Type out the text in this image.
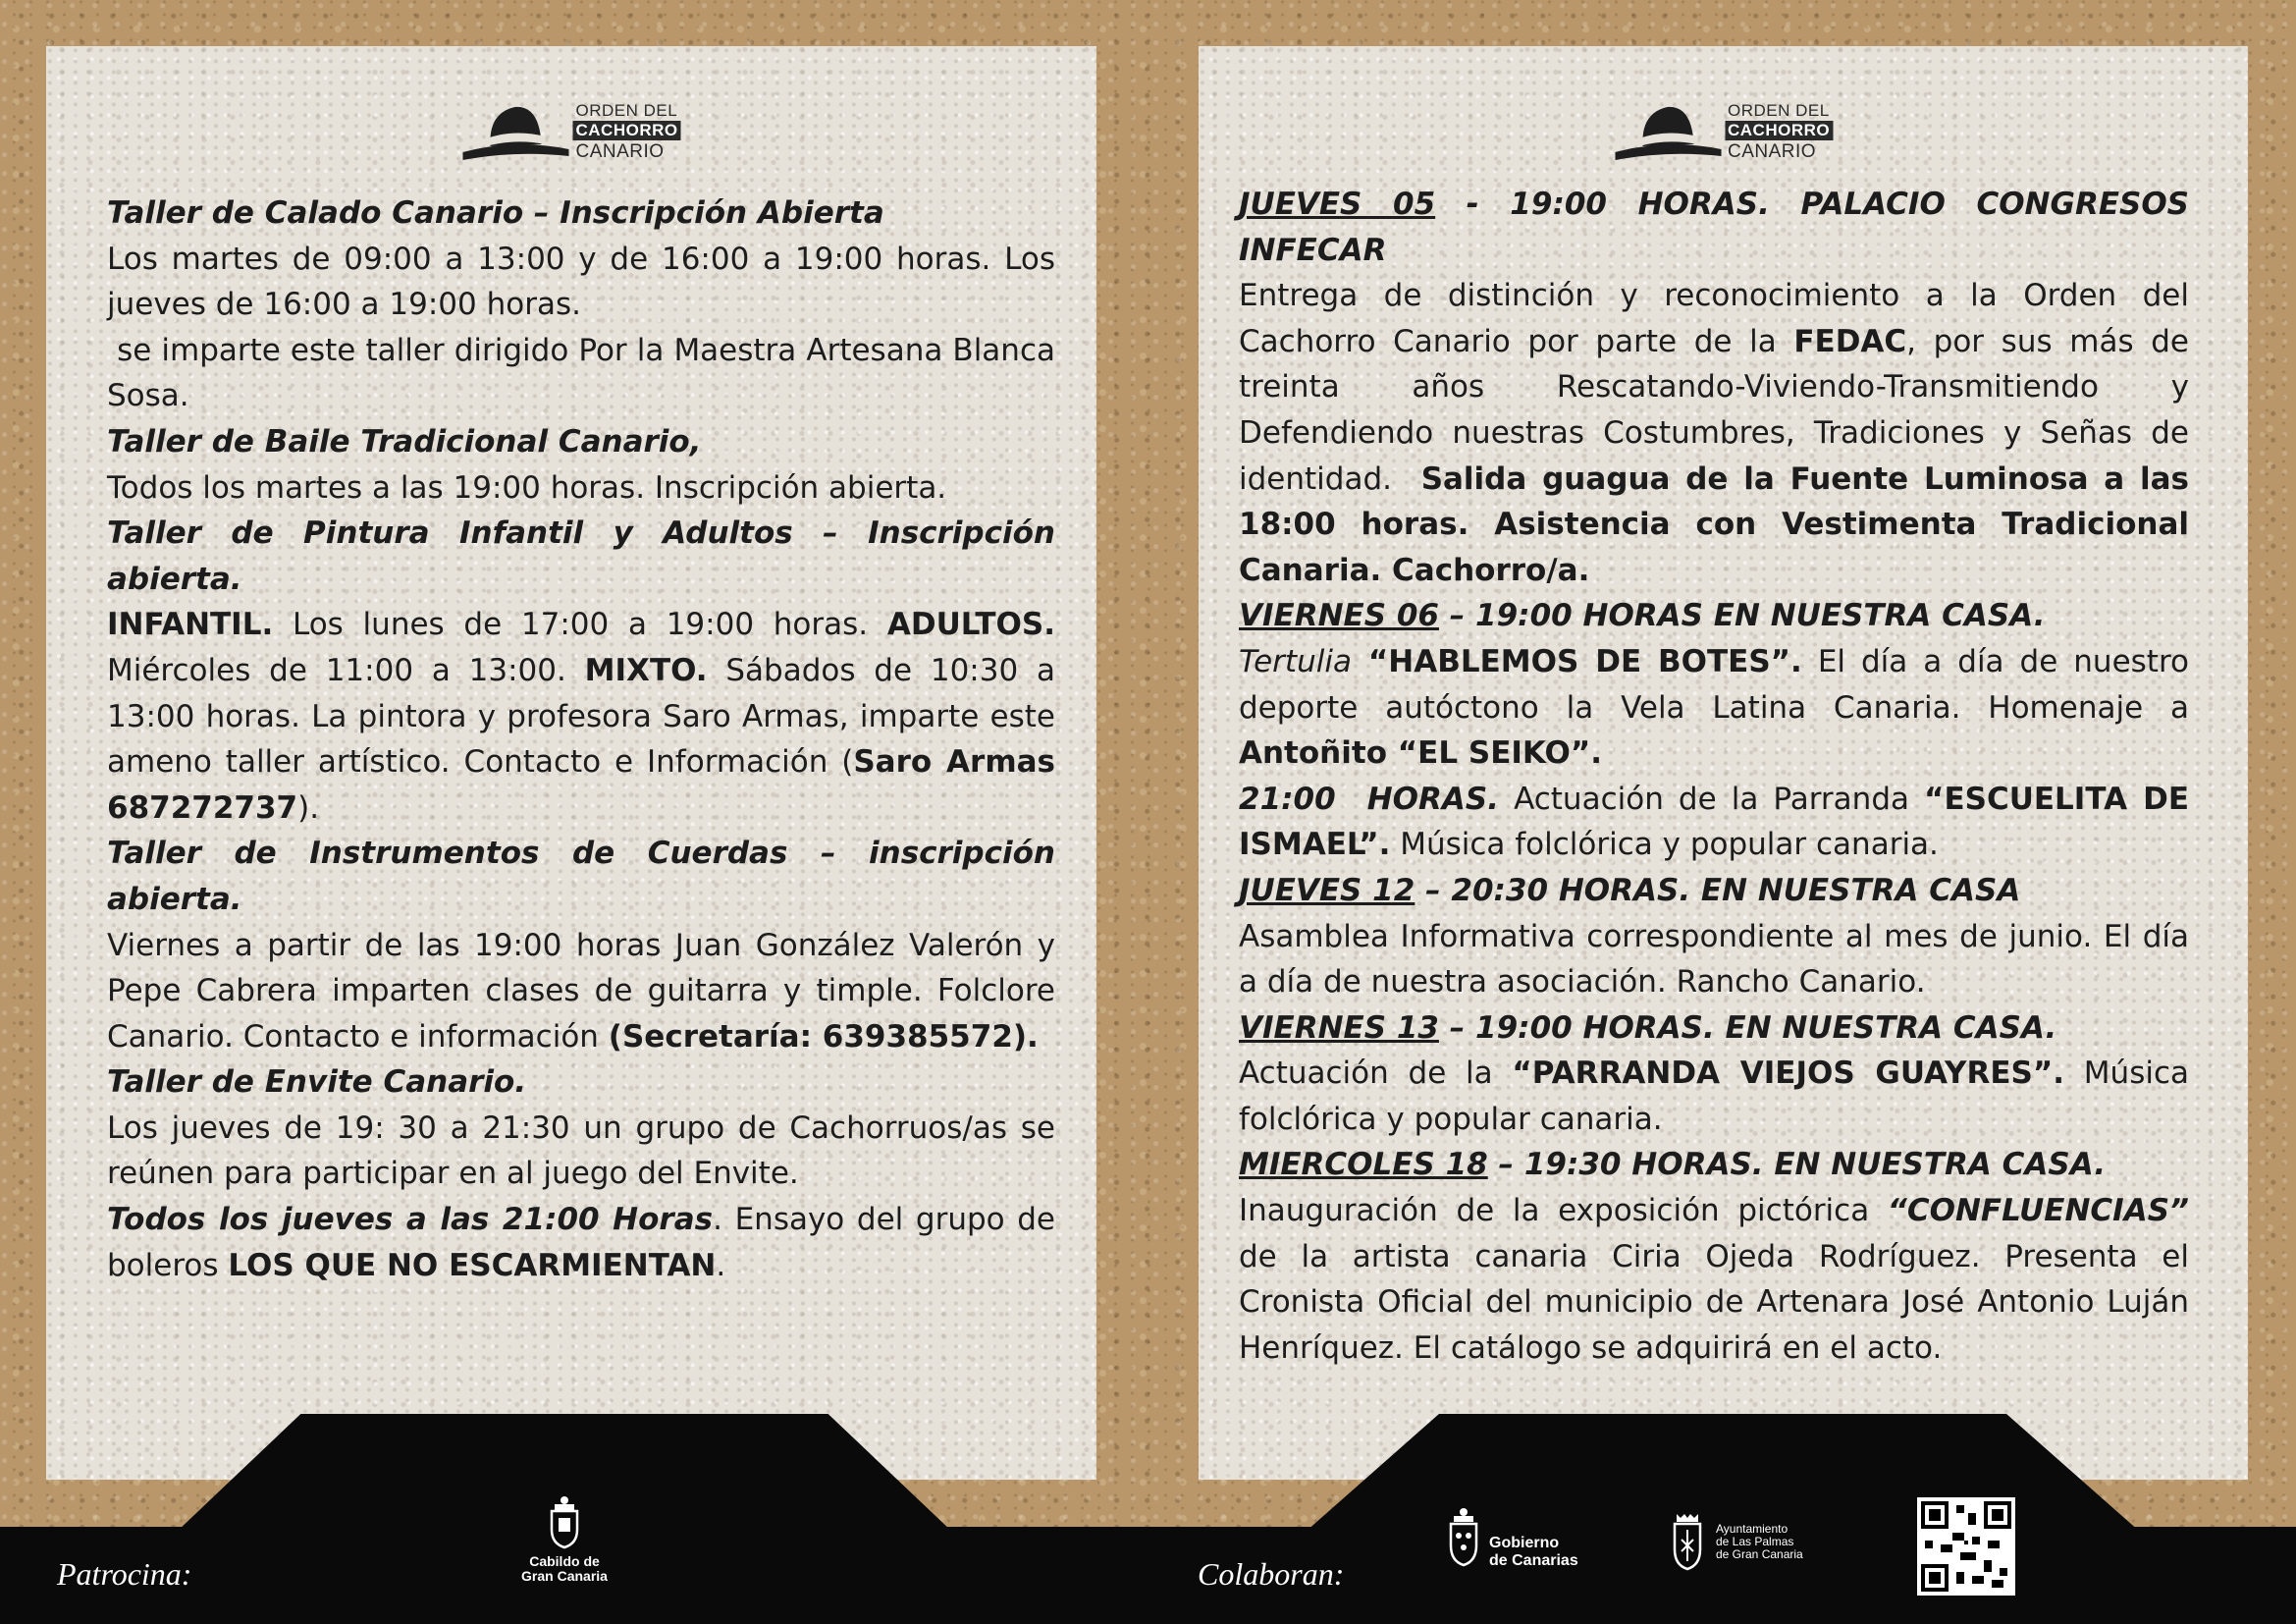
ORDEN DEL
CACHORRO
CANARIO

Taller de Calado Canario – Inscripción Abierta

Los martes de 09:00 a 13:00 y de 16:00 a 19:00 horas. Los jueves de 16:00 a 19:00 horas.

se imparte este taller dirigido Por la Maestra Artesana Blanca Sosa.

Taller de Baile Tradicional Canario,

Todos los martes a las 19:00 horas. Inscripción abierta.

Taller de Pintura Infantil y Adultos – Inscripción abierta.

INFANTIL. Los lunes de 17:00 a 19:00 horas. ADULTOS. Miércoles de 11:00 a 13:00. MIXTO. Sábados de 10:30 a 13:00 horas. La pintora y profesora Saro Armas, imparte este ameno taller artístico. Contacto e Información (Saro Armas 687272737).

Taller de Instrumentos de Cuerdas – inscripción abierta.

Viernes a partir de las 19:00 horas Juan González Valerón y Pepe Cabrera imparten clases de guitarra y timple. Folclore Canario. Contacto e información (Secretaría: 639385572).

Taller de Envite Canario.

Los jueves de 19: 30 a 21:30 un grupo de Cachorruos/as se reúnen para participar en al juego del Envite.

Todos los jueves a las 21:00 Horas. Ensayo del grupo de boleros LOS QUE NO ESCARMIENTAN.

ORDEN DEL
CACHORRO
CANARIO

JUEVES 05 - 19:00 HORAS. PALACIO CONGRESOS INFECAR

Entrega de distinción y reconocimiento a la Orden del Cachorro Canario por parte de la FEDAC, por sus más de treinta años Rescatando-Viviendo-Transmitiendo y Defendiendo nuestras Costumbres, Tradiciones y Señas de identidad.  Salida guagua de la Fuente Luminosa a las 18:00 horas. Asistencia con Vestimenta Tradicional Canaria. Cachorro/a.

VIERNES 06 – 19:00 HORAS EN NUESTRA CASA.

Tertulia “HABLEMOS DE BOTES”. El día a día de nuestro deporte autóctono la Vela Latina Canaria. Homenaje a Antoñito “EL SEIKO”.

21:00  HORAS. Actuación de la Parranda “ESCUELITA DE ISMAEL”. Música folclórica y popular canaria.

JUEVES 12 – 20:30 HORAS. EN NUESTRA CASA

Asamblea Informativa correspondiente al mes de junio. El día a día de nuestra asociación. Rancho Canario.

VIERNES 13 – 19:00 HORAS. EN NUESTRA CASA.

Actuación de la “PARRANDA VIEJOS GUAYRES”. Música folclórica y popular canaria.

MIERCOLES 18 – 19:30 HORAS. EN NUESTRA CASA.

Inauguración de la exposición pictórica “CONFLUENCIAS” de la artista canaria Ciria Ojeda Rodríguez. Presenta el Cronista Oficial del municipio de Artenara José Antonio Luján Henríquez. El catálogo se adquirirá en el acto.

Patrocina:	Colaboran:
Cabildo de
Gran Canaria
Gobierno
de Canarias
Ayuntamiento
de Las Palmas
de Gran Canaria
